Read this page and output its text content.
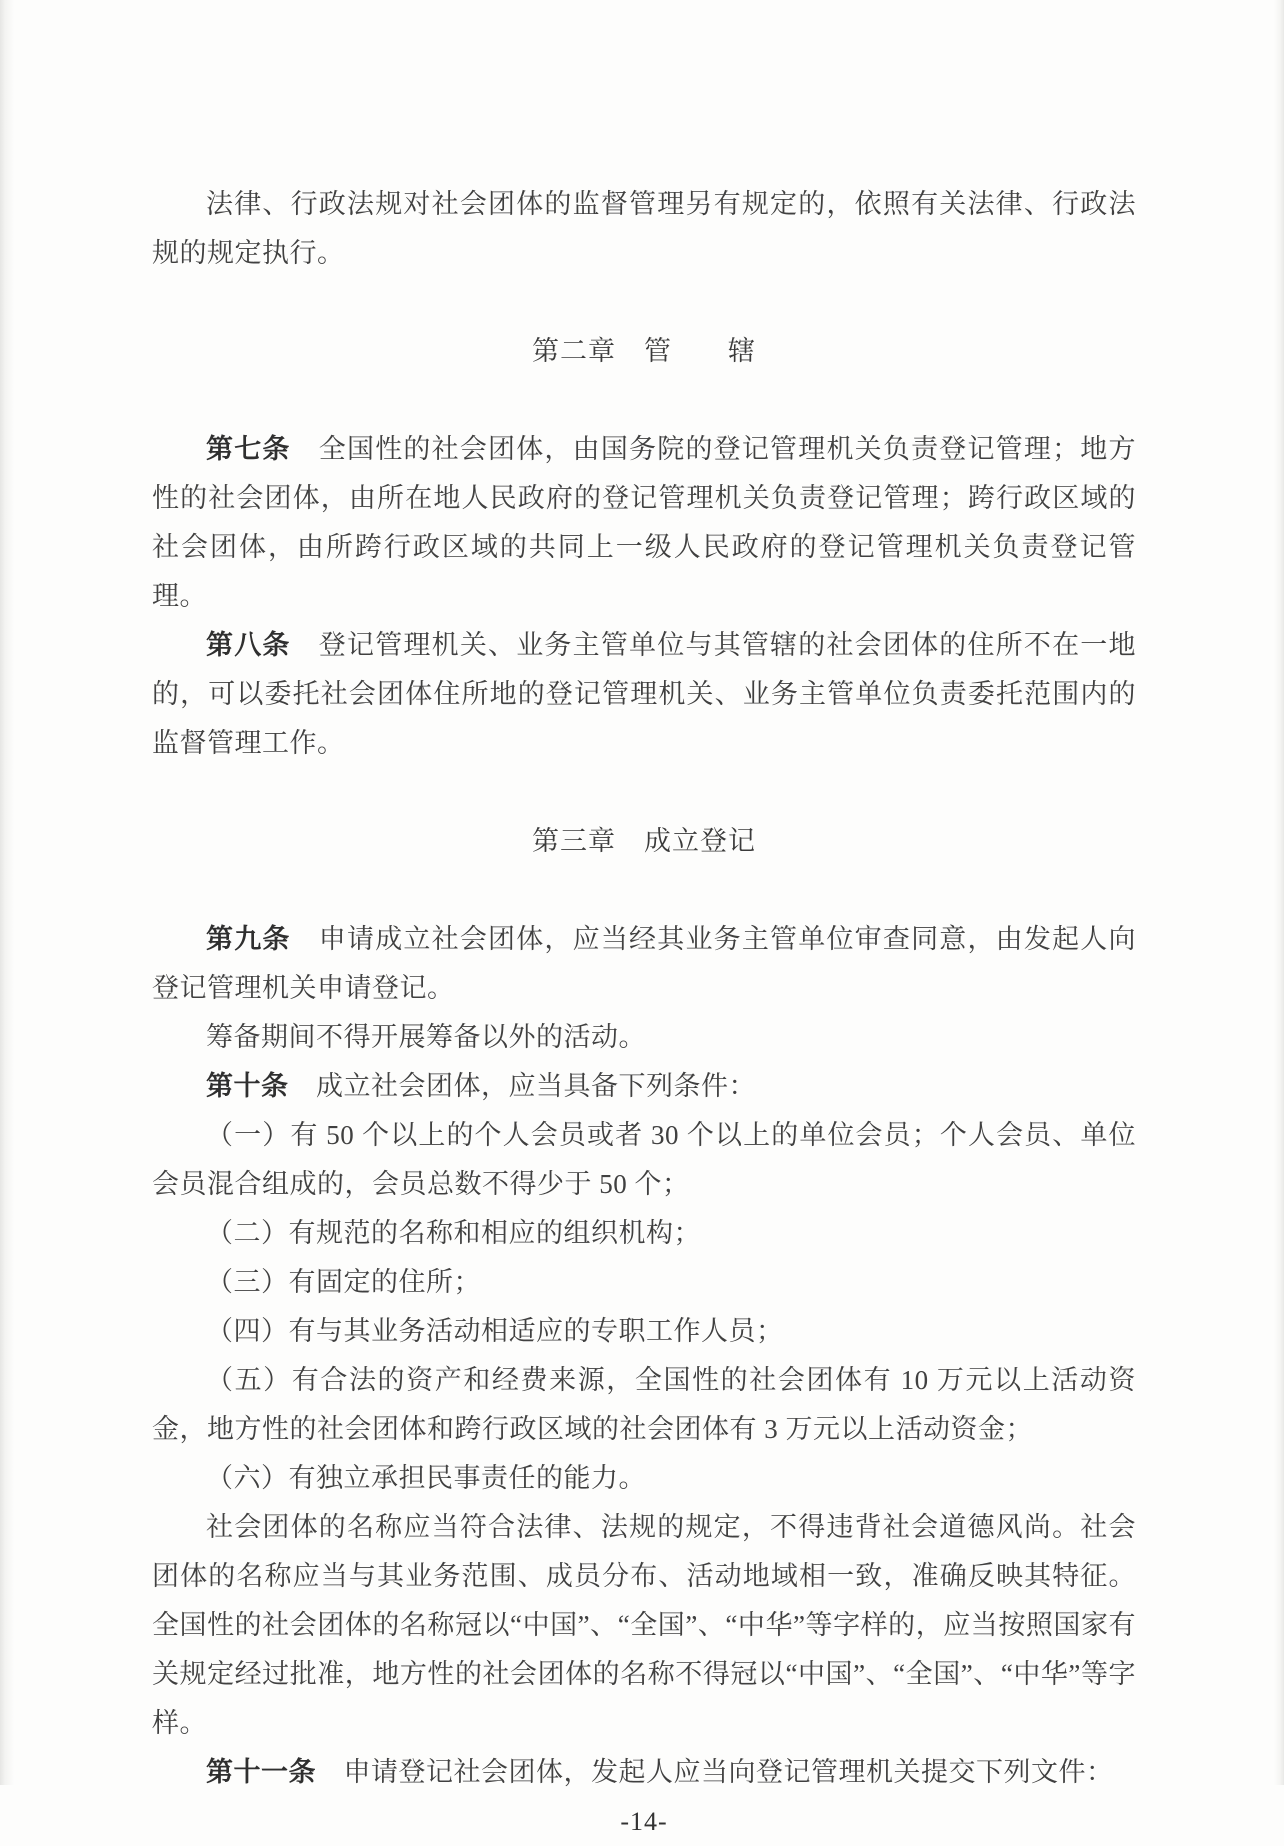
法律、行政法规对社会团体的监督管理另有规定的，依照有关法律、行政法规的规定执行。

第二章　管　　辖

第七条　全国性的社会团体，由国务院的登记管理机关负责登记管理；地方性的社会团体，由所在地人民政府的登记管理机关负责登记管理；跨行政区域的社会团体，由所跨行政区域的共同上一级人民政府的登记管理机关负责登记管理。

第八条　登记管理机关、业务主管单位与其管辖的社会团体的住所不在一地的，可以委托社会团体住所地的登记管理机关、业务主管单位负责委托范围内的监督管理工作。

第三章　成立登记

第九条　申请成立社会团体，应当经其业务主管单位审查同意，由发起人向登记管理机关申请登记。

筹备期间不得开展筹备以外的活动。

第十条　成立社会团体，应当具备下列条件：

（一）有 50 个以上的个人会员或者 30 个以上的单位会员；个人会员、单位会员混合组成的，会员总数不得少于 50 个；

（二）有规范的名称和相应的组织机构；

（三）有固定的住所；

（四）有与其业务活动相适应的专职工作人员；

（五）有合法的资产和经费来源，全国性的社会团体有 10 万元以上活动资金，地方性的社会团体和跨行政区域的社会团体有 3 万元以上活动资金；

（六）有独立承担民事责任的能力。

社会团体的名称应当符合法律、法规的规定，不得违背社会道德风尚。社会团体的名称应当与其业务范围、成员分布、活动地域相一致，准确反映其特征。全国性的社会团体的名称冠以“中国”、“全国”、“中华”等字样的，应当按照国家有关规定经过批准，地方性的社会团体的名称不得冠以“中国”、“全国”、“中华”等字样。

第十一条　申请登记社会团体，发起人应当向登记管理机关提交下列文件：

-14-
